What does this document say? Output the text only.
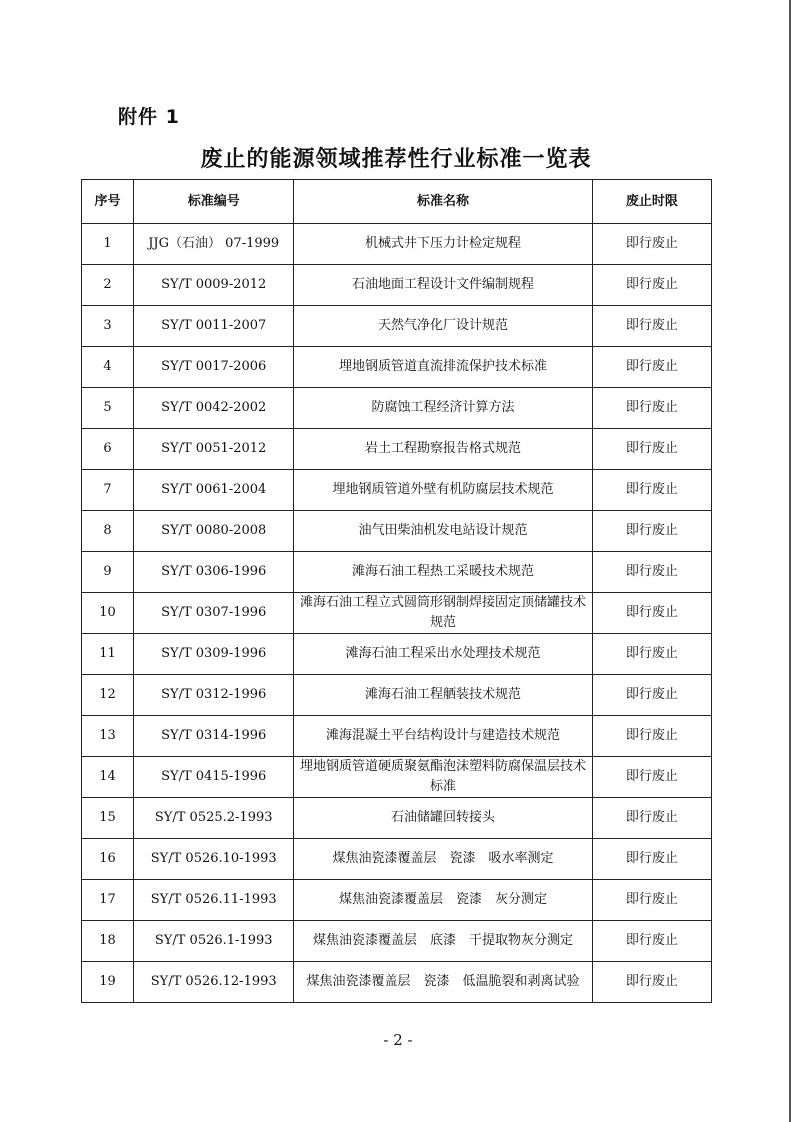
附件 1
废止的能源领域推荐性行业标准一览表
序号	标准编号	标准名称	废止时限
1	JJG（石油） 07-1999	机械式井下压力计检定规程	即行废止
2	SY/T 0009-2012	石油地面工程设计文件编制规程	即行废止
3	SY/T 0011-2007	天然气净化厂设计规范	即行废止
4	SY/T 0017-2006	埋地钢质管道直流排流保护技术标准	即行废止
5	SY/T 0042-2002	防腐蚀工程经济计算方法	即行废止
6	SY/T 0051-2012	岩土工程勘察报告格式规范	即行废止
7	SY/T 0061-2004	埋地钢质管道外壁有机防腐层技术规范	即行废止
8	SY/T 0080-2008	油气田柴油机发电站设计规范	即行废止
9	SY/T 0306-1996	滩海石油工程热工采暖技术规范	即行废止
10	SY/T 0307-1996	滩海石油工程立式圆筒形钢制焊接固定顶储罐技术规范	即行废止
11	SY/T 0309-1996	滩海石油工程采出水处理技术规范	即行废止
12	SY/T 0312-1996	滩海石油工程舾装技术规范	即行废止
13	SY/T 0314-1996	滩海混凝土平台结构设计与建造技术规范	即行废止
14	SY/T 0415-1996	埋地钢质管道硬质聚氨酯泡沫塑料防腐保温层技术标准	即行废止
15	SY/T 0525.2-1993	石油储罐回转接头	即行废止
16	SY/T 0526.10-1993	煤焦油瓷漆覆盖层　瓷漆　吸水率测定	即行废止
17	SY/T 0526.11-1993	煤焦油瓷漆覆盖层　瓷漆　灰分测定	即行废止
18	SY/T 0526.1-1993	煤焦油瓷漆覆盖层　底漆　干提取物灰分测定	即行废止
19	SY/T 0526.12-1993	煤焦油瓷漆覆盖层　瓷漆　低温脆裂和剥离试验	即行废止
- 2 -
